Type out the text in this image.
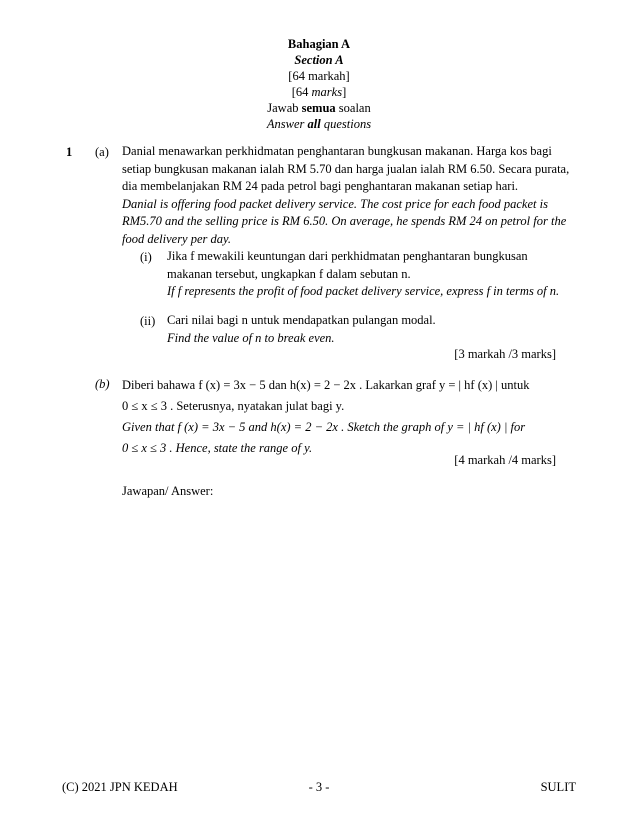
Bahagian A
Section A
[64 markah]
[64 marks]
Jawab semua soalan
Answer all questions
1 (a) Danial menawarkan perkhidmatan penghantaran bungkusan makanan. Harga kos bagi
setiap bungkusan makanan ialah RM 5.70 dan harga jualan ialah RM 6.50. Secara purata,
dia membelanjakan RM 24 pada petrol bagi penghantaran makanan setiap hari.
Danial is offering food packet delivery service. The cost price for each food packet is
RM5.70 and the selling price is RM 6.50. On average, he spends RM 24 on petrol for the
food delivery per day.
(i) Jika f mewakili keuntungan dari perkhidmatan penghantaran bungkusan
makanan tersebut, ungkapkan f dalam sebutan n.
If f represents the profit of food packet delivery service, express f in terms of n.
(ii) Cari nilai bagi n untuk mendapatkan pulangan modal.
Find the value of n to break even.
[3 markah /3 marks]
(b) Diberi bahawa f (x) = 3x − 5 dan h(x) = 2 − 2x . Lakarkan graf y = | hf (x) | untuk
0 ≤ x ≤ 3 . Seterusnya, nyatakan julat bagi y.
Given that f (x) = 3x − 5 and h(x) = 2 − 2x . Sketch the graph of y = | hf (x) | for
0 ≤ x ≤ 3 . Hence, state the range of y.
[4 markah /4 marks]
Jawapan/ Answer:
(C) 2021 JPN KEDAH	- 3 -	SULIT
